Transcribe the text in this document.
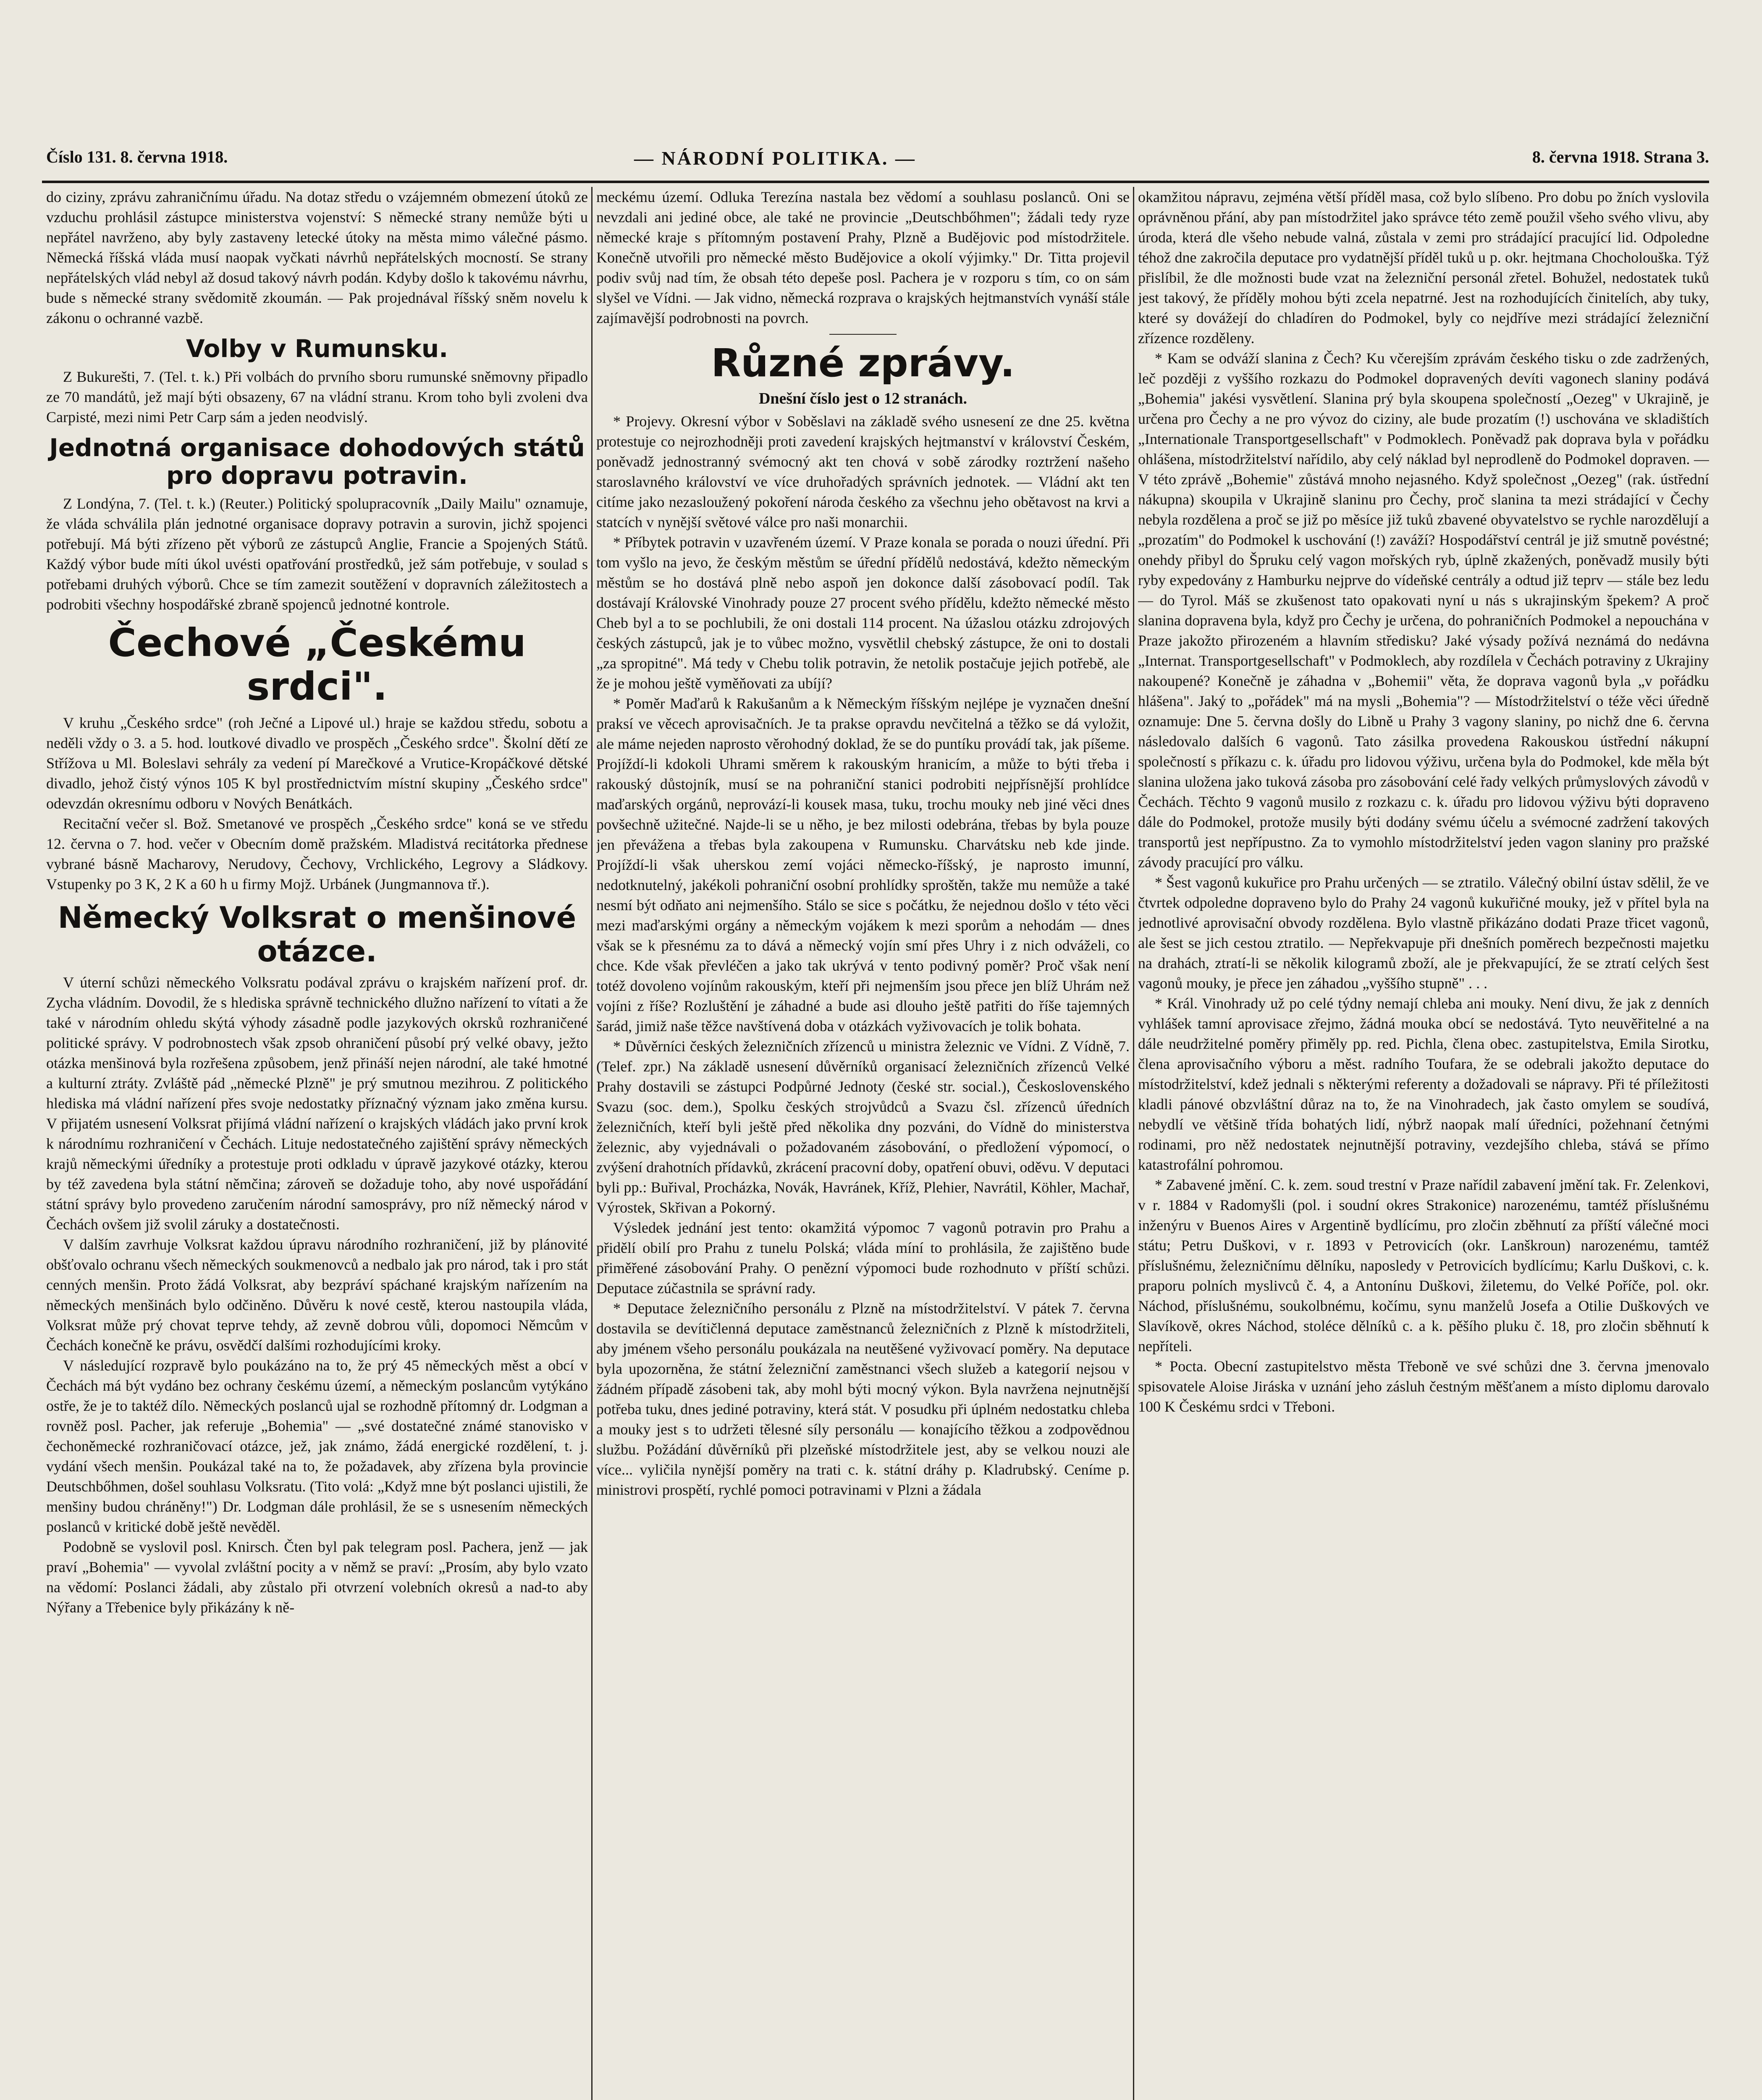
Číslo 131. 8. června 1918.	— NÁRODNÍ POLITIKA. —	8. června 1918. Strana 3.

do ciziny, zprávu zahraničnímu úřadu. Na dotaz středu o vzájemném obmezení útoků ze vzduchu prohlásil zástupce ministerstva vojenství: S německé strany nemůže býti u nepřátel navrženo, aby byly zastaveny letecké útoky na města mimo válečné pásmo. Německá říšská vláda musí naopak vyčkati návrhů nepřátelských mocností. Se strany nepřátelských vlád nebyl až dosud takový návrh podán. Kdyby došlo k takovému návrhu, bude s německé strany svědomitě zkoumán. — Pak projednával říšský sněm novelu k zákonu o ochranné vazbě.

Volby v Rumunsku.

Z Bukurešti, 7. (Tel. t. k.) Při volbách do prvního sboru rumunské sněmovny připadlo ze 70 mandátů, jež mají býti obsazeny, 67 na vládní stranu. Krom toho byli zvoleni dva Carpisté, mezi nimi Petr Carp sám a jeden neodvislý.

Jednotná organisace dohodových států pro dopravu potravin.

Z Londýna, 7. (Tel. t. k.) (Reuter.) Politický spolupracovník „Daily Mailu" oznamuje, že vláda schválila plán jednotné organisace dopravy potravin a surovin, jichž spojenci potřebují. Má býti zřízeno pět výborů ze zástupců Anglie, Francie a Spojených Států. Každý výbor bude míti úkol uvésti opatřování prostředků, jež sám potřebuje, v soulad s potřebami druhých výborů. Chce se tím zamezit soutěžení v dopravních záležitostech a podrobiti všechny hospodářské zbraně spojenců jednotné kontrole.

Čechové „Českému srdci".

V kruhu „Českého srdce" (roh Ječné a Lipové ul.) hraje se každou středu, sobotu a neděli vždy o 3. a 5. hod. loutkové divadlo ve prospěch „Českého srdce". Školní dětí ze Střížova u Ml. Boleslavi sehrály za vedení pí Marečkové a Vrutice-Kropáčkové dětské divadlo, jehož čistý výnos 105 K byl prostřednictvím místní skupiny „Českého srdce" odevzdán okresnímu odboru v Nových Benátkách.

Recitační večer sl. Bož. Smetanové ve prospěch „Českého srdce" koná se ve středu 12. června o 7. hod. večer v Obecním domě pražském. Mladistvá recitátorka přednese vybrané básně Macharovy, Nerudovy, Čechovy, Vrchlického, Legrovy a Sládkovy. Vstupenky po 3 K, 2 K a 60 h u firmy Mojž. Urbánek (Jungmannova tř.).

Německý Volksrat o menšinové otázce.

V úterní schůzi německého Volksratu podával zprávu o krajském nařízení prof. dr. Zycha vládním. Dovodil, že s hlediska správně technického dlužno nařízení to vítati a že také v národním ohledu skýtá výhody zásadně podle jazykových okrsků rozhraničené politické správy. V podrobnostech však zpsob ohraničení působí prý velké obavy, ježto otázka menšinová byla rozřešena způsobem, jenž přináší nejen národní, ale také hmotné a kulturní ztráty. Zvláště pád „německé Plzně" je prý smutnou mezihrou. Z politického hlediska má vládní nařízení přes svoje nedostatky příznačný význam jako změna kursu. V přijatém usnesení Volksrat přijímá vládní nařízení o krajských vládách jako první krok k národnímu rozhraničení v Čechách. Lituje nedostatečného zajištění správy německých krajů německými úředníky a protestuje proti odkladu v úpravě jazykové otázky, kterou by též zavedena byla státní němčina; zároveň se dožaduje toho, aby nové uspořádání státní správy bylo provedeno zaručením národní samosprávy, pro níž německý národ v Čechách ovšem již svolil záruky a dostatečnosti.

V dalším zavrhuje Volksrat každou úpravu národního rozhraničení, již by plánovité obšťovalo ochranu všech německých soukmenovců a nedbalo jak pro národ, tak i pro stát cenných menšin. Proto žádá Volksrat, aby bezpráví spáchané krajským nařízením na německých menšinách bylo odčiněno. Důvěru k nové cestě, kterou nastoupila vláda, Volksrat může prý chovat teprve tehdy, až zevně dobrou vůli, dopomoci Němcům v Čechách konečně ke právu, osvědčí dalšími rozhodujícími kroky.

V následující rozpravě bylo poukázáno na to, že prý 45 německých měst a obcí v Čechách má být vydáno bez ochrany českému území, a německým poslancům vytýkáno ostře, že je to taktéž dílo. Německých poslanců ujal se rozhodně přítomný dr. Lodgman a rovněž posl. Pacher, jak referuje „Bohemia" — „své dostatečné známé stanovisko v čechoněmecké rozhraničovací otázce, jež, jak známo, žádá energické rozdělení, t. j. vydání všech menšin. Poukázal také na to, že požadavek, aby zřízena byla provincie Deutschbőhmen, došel souhlasu Volksratu. (Tito volá: „Když mne být poslanci ujistili, že menšiny budou chráněny!") Dr. Lodgman dále prohlásil, že se s usnesením německých poslanců v kritické době ještě nevěděl.

Podobně se vyslovil posl. Knirsch. Čten byl pak telegram posl. Pachera, jenž — jak praví „Bohemia" — vyvolal zvláštní pocity a v němž se praví: „Prosím, aby bylo vzato na vědomí: Poslanci žádali, aby zůstalo při otvrzení volebních okresů a nad-to aby Nýřany a Třebenice byly přikázány k ně-

meckému území. Odluka Terezína nastala bez vědomí a souhlasu poslanců. Oni se nevzdali ani jediné obce, ale také ne provincie „Deutschbőhmen"; žádali tedy ryze německé kraje s přítomným postavení Prahy, Plzně a Budějovic pod místodržitele. Konečně utvořili pro německé město Budějovice a okolí výjimky." Dr. Titta projevil podiv svůj nad tím, že obsah této depeše posl. Pachera je v rozporu s tím, co on sám slyšel ve Vídni. — Jak vidno, německá rozprava o krajských hejtmanstvích vynáší stále zajímavější podrobnosti na povrch.

Různé zprávy.
Dnešní číslo jest o 12 stranách.

* Projevy. Okresní výbor v Soběslavi na základě svého usnesení ze dne 25. května protestuje co nejrozhodněji proti zavedení krajských hejtmanství v království Českém, poněvadž jednostranný svémocný akt ten chová v sobě zárodky roztržení našeho staroslavného království ve více druhořadých správních jednotek. — Vládní akt ten citíme jako nezasloužený pokoření národa českého za všechnu jeho obětavost na krvi a statcích v nynější světové válce pro naši monarchii.

* Příbytek potravin v uzavřeném území. V Praze konala se porada o nouzi úřední. Při tom vyšlo na jevo, že českým městům se úřední přídělů nedostává, kdežto německým městům se ho dostává plně nebo aspoň jen dokonce další zásobovací podíl. Tak dostávají Královské Vinohrady pouze 27 procent svého přídělu, kdežto německé město Cheb byl a to se pochlubili, že oni dostali 114 procent. Na úžaslou otázku zdrojových českých zástupců, jak je to vůbec možno, vysvětlil chebský zástupce, že oni to dostali „za spropitné". Má tedy v Chebu tolik potravin, že netolik postačuje jejich potřebě, ale že je mohou ještě vyměňovati za ubíjí?

* Poměr Maďarů k Rakušanům a k Německým říšským nejlépe je vyznačen dnešní praksí ve věcech aprovisačních. Je ta prakse opravdu nevčitelná a těžko se dá vyložit, ale máme nejeden naprosto věrohodný doklad, že se do puntíku provádí tak, jak píšeme. Projíždí-li kdokoli Uhrami směrem k rakouským hranicím, a může to býti třeba i rakouský důstojník, musí se na pohraniční stanici podrobiti nejpřísnější prohlídce maďarských orgánů, neprovází-li kousek masa, tuku, trochu mouky neb jiné věci dnes povšechně užitečné. Najde-li se u něho, je bez milosti odebrána, třebas by byla pouze jen převážena a třebas byla zakoupena v Rumunsku. Charvátsku neb kde jinde. Projíždí-li však uherskou zemí vojáci německo-říšský, je naprosto imunní, nedotknutelný, jakékoli pohraniční osobní prohlídky sproštěn, takže mu nemůže a také nesmí být odňato ani nejmenšího. Stálo se sice s počátku, že nejednou došlo v této věci mezi maďarskými orgány a německým vojákem k mezi sporům a nehodám — dnes však se k přesnému za to dává a německý vojín smí přes Uhry i z nich odváželi, co chce. Kde však převléčen a jako tak ukrývá v tento podivný poměr? Proč však není totéž dovoleno vojínům rakouským, kteří při nejmenším jsou přece jen blíž Uhrám než vojíni z říše? Rozluštění je záhadné a bude asi dlouho ještě patřiti do říše tajemných šarád, jimiž naše těžce navštívená doba v otázkách vyživovacích je tolik bohata.

* Důvěrníci českých železničních zřízenců u ministra železnic ve Vídni. Z Vídně, 7. (Telef. zpr.) Na základě usnesení důvěrníků organisací železničních zřízenců Velké Prahy dostavili se zástupci Podpůrné Jednoty (české str. social.), Československého Svazu (soc. dem.), Spolku českých strojvůdců a Svazu čsl. zřízenců úředních železničních, kteří byli ještě před několika dny pozváni, do Vídně do ministerstva železnic, aby vyjednávali o požadovaném zásobování, o předložení výpomocí, o zvýšení drahotních přídavků, zkrácení pracovní doby, opatření obuvi, oděvu. V deputaci byli pp.: Buřival, Procházka, Novák, Havránek, Kříž, Plehier, Navrátil, Köhler, Machař, Výrostek, Skřivan a Pokorný.

Výsledek jednání jest tento: okamžitá výpomoc 7 vagonů potravin pro Prahu a přidělí obilí pro Prahu z tunelu Polská; vláda míní to prohlásila, že zajištěno bude přiměřené zásobování Prahy. O penězní výpomoci bude rozhodnuto v příští schůzi. Deputace zúčastnila se správní rady.

* Deputace železničního personálu z Plzně na místodržitelství. V pátek 7. června dostavila se devítičlenná deputace zaměstnanců železničních z Plzně k místodržiteli, aby jménem všeho personálu poukázala na neutěšené vyživovací poměry. Na deputace byla upozorněna, že státní železniční zaměstnanci všech služeb a kategorií nejsou v žádném případě zásobeni tak, aby mohl býti mocný výkon. Byla navržena nejnutnější potřeba tuku, dnes jediné potraviny, která stát. V posudku při úplném nedostatku chleba a mouky jest s to udržeti tělesné síly personálu — konajícího těžkou a zodpovědnou službu. Požádání důvěrníků při plzeňské místodržitele jest, aby se velkou nouzi ale více... vyličila nynější poměry na trati c. k. státní dráhy p. Kladrubský. Ceníme p. ministrovi prospětí, rychlé pomoci potravinami v Plzni a žádala

okamžitou nápravu, zejména větší příděl masa, což bylo slíbeno. Pro dobu po žních vyslovila oprávněnou přání, aby pan místodržitel jako správce této země použil všeho svého vlivu, aby úroda, která dle všeho nebude valná, zůstala v zemi pro strádající pracující lid. Odpoledne téhož dne zakročila deputace pro vydatnější příděl tuků u p. okr. hejtmana Chocholouška. Týž přislíbil, že dle možnosti bude vzat na železniční personál zřetel. Bohužel, nedostatek tuků jest takový, že příděly mohou býti zcela nepatrné. Jest na rozhodujících činitelích, aby tuky, které sy dovážejí do chladíren do Podmokel, byly co nejdříve mezi strádající železniční zřízence rozděleny.

* Kam se odváží slanina z Čech? Ku včerejším zprávám českého tisku o zde zadržených, leč později z vyššího rozkazu do Podmokel dopravených devíti vagonech slaniny podává „Bohemia" jakési vysvětlení. Slanina prý byla skoupena společností „Oezeg" v Ukrajině, je určena pro Čechy a ne pro vývoz do ciziny, ale bude prozatím (!) uschována ve skladištích „Internationale Transportgesellschaft" v Podmoklech. Poněvadž pak doprava byla v pořádku ohlášena, místodržitelství nařídilo, aby celý náklad byl neprodleně do Podmokel dopraven. — V této zprávě „Bohemie" zůstává mnoho nejasného. Když společnost „Oezeg" (rak. ústřední nákupna) skoupila v Ukrajině slaninu pro Čechy, proč slanina ta mezi strádající v Čechy nebyla rozdělena a proč se již po měsíce již tuků zbavené obyvatelstvo se rychle narozdělují a „prozatím" do Podmokel k uschování (!) zaváží? Hospodářství centrál je již smutně povéstné; onehdy přibyl do Špruku celý vagon mořských ryb, úplně zkažených, poněvadž musily býti ryby expedovány z Hamburku nejprve do vídeňské centrály a odtud již teprv — stále bez ledu — do Tyrol. Máš se zkušenost tato opakovati nyní u nás s ukrajinským špekem? A proč slanina dopravena byla, když pro Čechy je určena, do pohraničních Podmokel a nepouchána v Praze jakožto přirozeném a hlavním středisku? Jaké výsady požívá neznámá do nedávna „Internat. Transportgesellschaft" v Podmoklech, aby rozdílela v Čechách potraviny z Ukrajiny nakoupené? Konečně je záhadna v „Bohemii" věta, že doprava vagonů byla „v pořádku hlášena". Jaký to „pořádek" má na mysli „Bohemia"? — Místodržitelství o téže věci úředně oznamuje: Dne 5. června došly do Libně u Prahy 3 vagony slaniny, po nichž dne 6. června následovalo dalších 6 vagonů. Tato zásilka provedena Rakouskou ústřední nákupní společností s příkazu c. k. úřadu pro lidovou výživu, určena byla do Podmokel, kde měla být slanina uložena jako tuková zásoba pro zásobování celé řady velkých průmyslových závodů v Čechách. Těchto 9 vagonů musilo z rozkazu c. k. úřadu pro lidovou výživu býti dopraveno dále do Podmokel, protože musily býti dodány svému účelu a svémocné zadržení takových transportů jest nepřípustno. Za to vymohlo místodržitelství jeden vagon slaniny pro pražské závody pracující pro válku.

* Šest vagonů kukuřice pro Prahu určených — se ztratilo. Válečný obilní ústav sdělil, že ve čtvrtek odpoledne dopraveno bylo do Prahy 24 vagonů kukuřičné mouky, jež v přítel byla na jednotlivé aprovisační obvody rozdělena. Bylo vlastně přikázáno dodati Praze třicet vagonů, ale šest se jich cestou ztratilo. — Nepřekvapuje při dnešních poměrech bezpečnosti majetku na drahách, ztratí-li se několik kilogramů zboží, ale je překvapující, že se ztratí celých šest vagonů mouky, je přece jen záhadou „vyššího stupně" . . .

* Král. Vinohrady už po celé týdny nemají chleba ani mouky. Není divu, že jak z denních vyhlášek tamní aprovisace zřejmo, žádná mouka obcí se nedostává. Tyto neuvěřitelné a na dále neudržitelné poměry přiměly pp. red. Pichla, člena obec. zastupitelstva, Emila Sirotku, člena aprovisačního výboru a měst. radního Toufara, že se odebrali jakožto deputace do místodržitelství, kdež jednali s některými referenty a dožadovali se nápravy. Při té příležitosti kladli pánové obzvláštní důraz na to, že na Vinohradech, jak často omylem se soudívá, nebydlí ve většině třída bohatých lidí, nýbrž naopak malí úředníci, požehnaní četnými rodinami, pro něž nedostatek nejnutnější potraviny, vezdejšího chleba, stává se přímo katastrofální pohromou.

* Zabavené jmění. C. k. zem. soud trestní v Praze nařídil zabavení jmění tak. Fr. Zelenkovi, v r. 1884 v Radomyšli (pol. i soudní okres Strakonice) narozenému, tamtéž příslušnému inženýru v Buenos Aires v Argentině bydlícímu, pro zločin zběhnutí za příští válečné moci státu; Petru Duškovi, v r. 1893 v Petrovicích (okr. Lanškroun) narozenému, tamtéž příslušnému, železničnímu dělníku, naposledy v Petrovicích bydlícímu; Karlu Duškovi, c. k. praporu polních myslivců č. 4, a Antonínu Duškovi, žiletemu, do Velké Poříče, pol. okr. Náchod, příslušnému, soukolbnému, kočímu, synu manželů Josefa a Otilie Duškových ve Slavíkově, okres Náchod, stoléce dělníků c. a k. pěšího pluku č. 18, pro zločin sběhnutí k nepříteli.

* Pocta. Obecní zastupitelstvo města Třeboně ve své schůzi dne 3. června jmenovalo spisovatele Aloise Jiráska v uznání jeho zásluh čestným měšťanem a místo diplomu darovalo 100 K Českému srdci v Třeboni.
